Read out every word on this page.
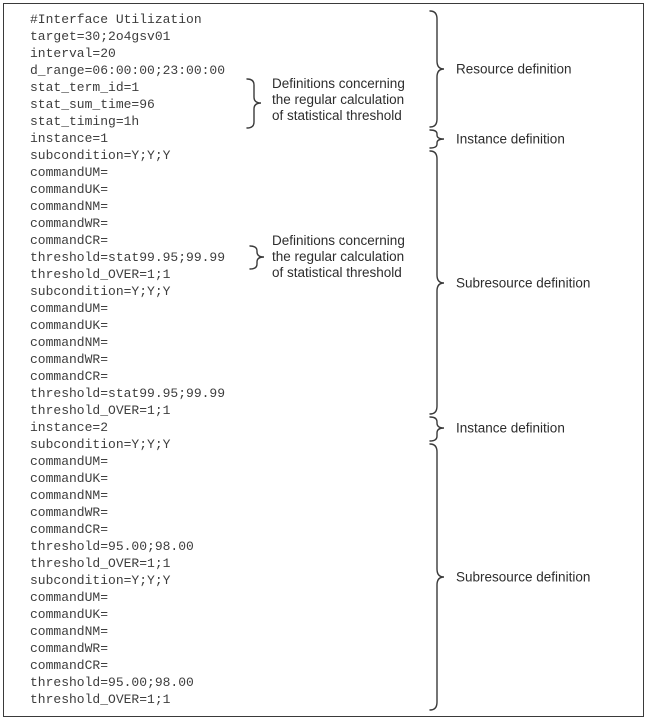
#Interface Utilization
target=30;2o4gsv01
interval=20
d_range=06:00:00;23:00:00
stat_term_id=1
stat_sum_time=96
stat_timing=1h
instance=1
subcondition=Y;Y;Y
commandUM=
commandUK=
commandNM=
commandWR=
commandCR=
threshold=stat99.95;99.99
threshold_OVER=1;1
subcondition=Y;Y;Y
commandUM=
commandUK=
commandNM=
commandWR=
commandCR=
threshold=stat99.95;99.99
threshold_OVER=1;1
instance=2
subcondition=Y;Y;Y
commandUM=
commandUK=
commandNM=
commandWR=
commandCR=
threshold=95.00;98.00
threshold_OVER=1;1
subcondition=Y;Y;Y
commandUM=
commandUK=
commandNM=
commandWR=
commandCR=
threshold=95.00;98.00
threshold_OVER=1;1
Resource definition
Instance definition
Subresource definition
Instance definition
Subresource definition
Definitions concerning
the regular calculation
of statistical threshold
Definitions concerning
the regular calculation
of statistical threshold
